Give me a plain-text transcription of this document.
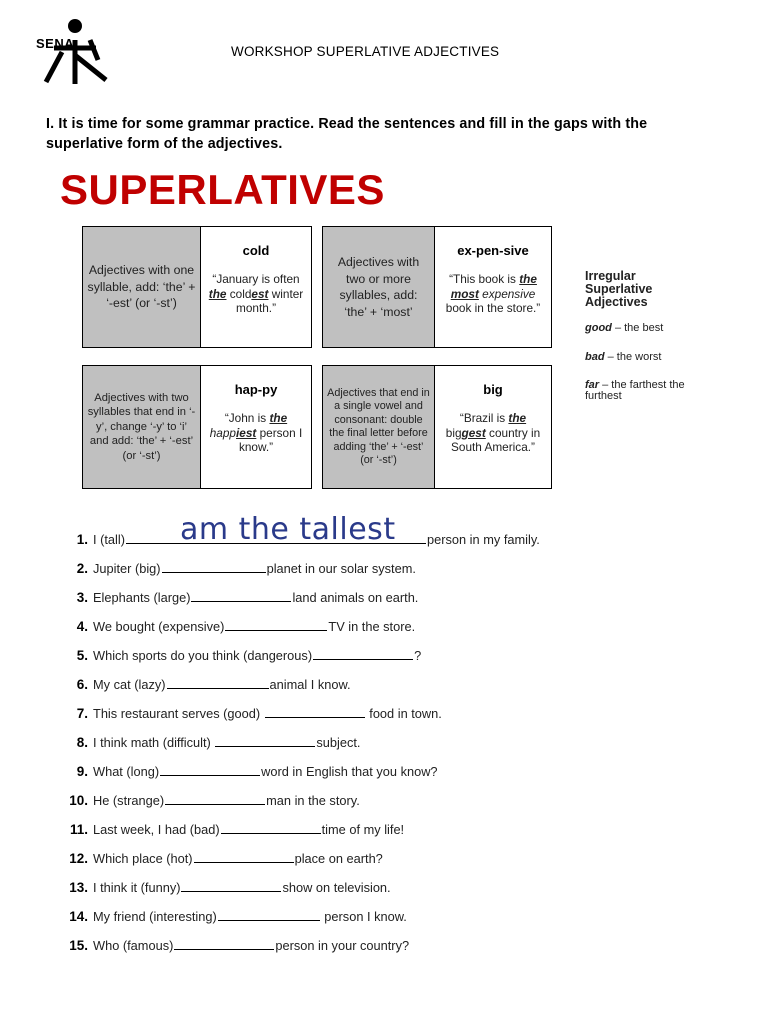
SENA
WORKSHOP SUPERLATIVE ADJECTIVES
I. It is time for some grammar practice. Read the sentences and fill in the gaps with the superlative form of the adjectives.
SUPERLATIVES
Adjectives with one syllable, add: ‘the’ + ‘-est’ (or ‘-st’)
cold
“January is often the coldest winter month.”
Adjectives with two or more syllables, add: ‘the’ + ‘most’
ex-pen-sive
“This book is the most expensive book in the store.”
Adjectives with two syllables that end in ‘-y’, change ‘-y’ to ‘i’ and add: ‘the’ + ‘-est’ (or ‘-st’)
hap-py
“John is the happiest person I know.”
Adjectives that end in a single vowel and consonant: double the final letter before adding ‘the’ + ‘-est’ (or ‘-st’)
big
“Brazil is the biggest country in South America.”
Irregular Superlative Adjectives
good – the best
bad – the worst
far – the farthest the furthest
am the tallest
1. I (tall)	person in my family.
2. Jupiter (big)	planet in our solar system.
3. Elephants (large)	land animals on earth.
4. We bought (expensive)	TV in the store.
5. Which sports do you think (dangerous)	?
6. My cat (lazy)	animal I know.
7. This restaurant serves (good)	food in town.
8. I think math (difficult)	subject.
9. What (long)	word in English that you know?
10. He (strange)	man in the story.
11. Last week, I had (bad)	time of my life!
12. Which place (hot)	place on earth?
13. I think it (funny)	show on television.
14. My friend (interesting)	person I know.
15. Who (famous)	person in your country?
